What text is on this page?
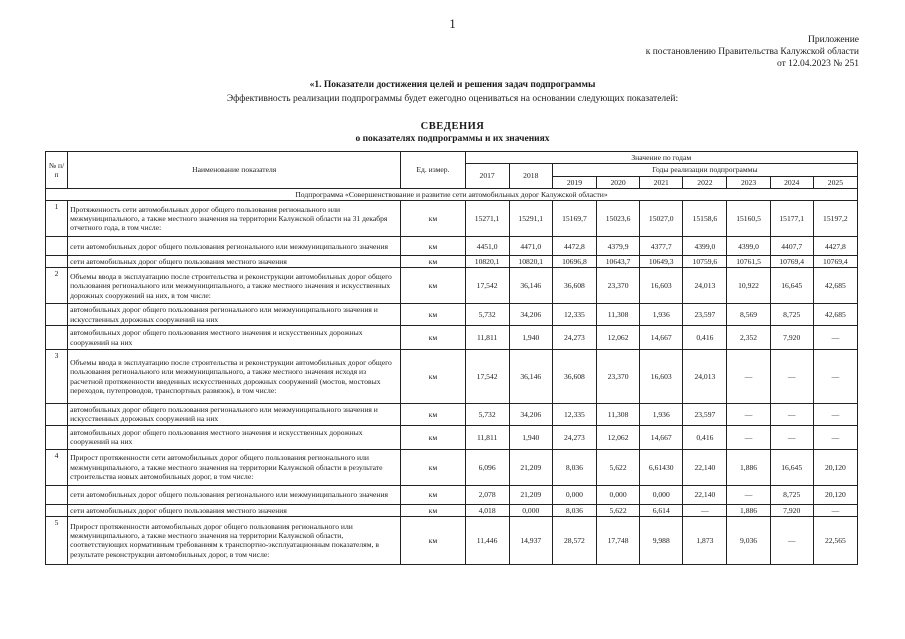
1
Приложение
к постановлению Правительства Калужской области
от 12.04.2023 № 251
«1. Показатели достижения целей и решения задач подпрограммы
Эффективность реализации подпрограммы будет ежегодно оцениваться на основании следующих показателей:
СВЕДЕНИЯ
о показателях подпрограммы и их значениях
№ п/п	Наименование показателя	Ед. измер.	Значение по годам								
			2017	2018	Годы реализации подпрограммы						
					2019	2020	2021	2022	2023	2024	2025
Подпрограмма «Совершенствование и развитие сети автомобильных дорог Калужской области»											
1	Протяженность сети автомобильных дорог общего пользования регионального или межмуниципального, а также местного значения на территории Калужской области на 31 декабря отчетного года, в том числе:	км	15271,1	15291,1	15169,7	15023,6	15027,0	15158,6	15160,5	15177,1	15197,2
	сети автомобильных дорог общего пользования регионального или межмуниципального значения	км	4451,0	4471,0	4472,8	4379,9	4377,7	4399,0	4399,0	4407,7	4427,8
	сети автомобильных дорог общего пользования местного значения	км	10820,1	10820,1	10696,8	10643,7	10649,3	10759,6	10761,5	10769,4	10769,4
2	Объемы ввода в эксплуатацию после строительства и реконструкции автомобильных дорог общего пользования регионального или межмуниципального, а также местного значения и искусственных дорожных сооружений на них, в том числе:	км	17,542	36,146	36,608	23,370	16,603	24,013	10,922	16,645	42,685
	автомобильных дорог общего пользования регионального или межмуниципального значения и искусственных дорожных сооружений на них	км	5,732	34,206	12,335	11,308	1,936	23,597	8,569	8,725	42,685
	автомобильных дорог общего пользования местного значения и искусственных дорожных сооружений на них	км	11,811	1,940	24,273	12,062	14,667	0,416	2,352	7,920	—
3	Объемы ввода в эксплуатацию после строительства и реконструкции автомобильных дорог общего пользования регионального или межмуниципального, а также местного значения исходя из расчетной протяженности введенных искусственных дорожных сооружений (мостов, мостовых переходов, путепроводов, транспортных развязок), в том числе:	км	17,542	36,146	36,608	23,370	16,603	24,013	—	—	—
	автомобильных дорог общего пользования регионального или межмуниципального значения и искусственных дорожных сооружений на них	км	5,732	34,206	12,335	11,308	1,936	23,597	—	—	—
	автомобильных дорог общего пользования местного значения и искусственных дорожных сооружений на них	км	11,811	1,940	24,273	12,062	14,667	0,416	—	—	—
4	Прирост протяженности сети автомобильных дорог общего пользования регионального или межмуниципального, а также местного значения на территории Калужской области в результате строительства новых автомобильных дорог, в том числе:	км	6,096	21,209	8,036	5,622	6,61430	22,140	1,886	16,645	20,120
	сети автомобильных дорог общего пользования регионального или межмуниципального значения	км	2,078	21,209	0,000	0,000	0,000	22,140	—	8,725	20,120
	сети автомобильных дорог общего пользования местного значения	км	4,018	0,000	8,036	5,622	6,614	—	1,886	7,920	—
5	Прирост протяженности автомобильных дорог общего пользования регионального или межмуниципального, а также местного значения на территории Калужской области, соответствующих нормативным требованиям к транспортно-эксплуатационным показателям, в результате реконструкции автомобильных дорог, в том числе:	км	11,446	14,937	28,572	17,748	9,988	1,873	9,036	—	22,565
